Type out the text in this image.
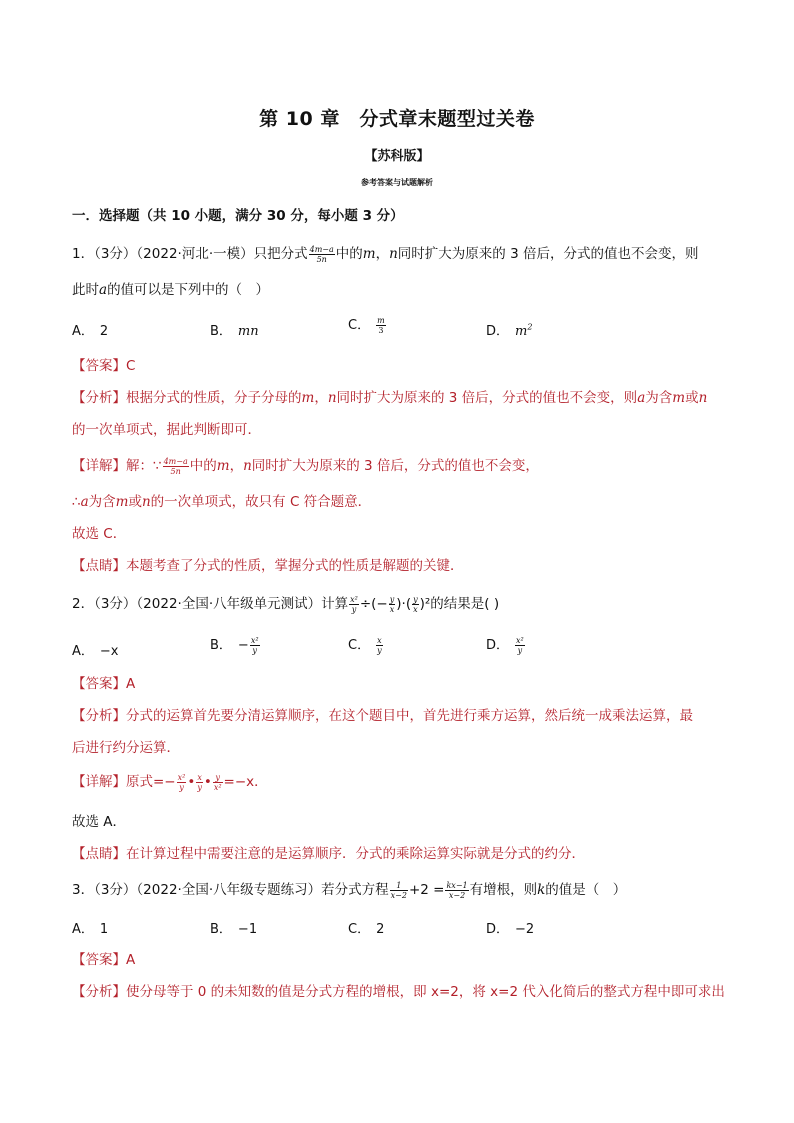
第 10 章　分式章末题型过关卷
【苏科版】
参考答案与试题解析
一．选择题（共 10 小题，满分 30 分，每小题 3 分）
1．（3分）（2022·河北·一模）只把分式 $\frac{4m-a}{5n}$ 中的m，n同时扩大为原来的 3 倍后，分式的值也不会变，则
此时a的值可以是下列中的（　）
A． 2	B． mn	C． $\frac{m}{3}$	D． $m^2$
【答案】C
【分析】根据分式的性质，分子分母的m，n同时扩大为原来的 3 倍后，分式的值也不会变，则a为含m或n
的一次单项式，据此判断即可．
【详解】解：∵ $\frac{4m-a}{5n}$ 中的m，n同时扩大为原来的 3 倍后，分式的值也不会变，
∴a为含m或n的一次单项式，故只有 C 符合题意．
故选 C．
【点睛】本题考查了分式的性质，掌握分式的性质是解题的关键．
2．（3分）（2022·全国·八年级单元测试）计算 $\frac{\text{x²}}{y}$ ÷(− $\frac{y}{x}$ )·( $\frac{y}{x} )^2$的结果是( )
A． −x	B． − $\frac{\text{x²}}{y}$	C． $\frac{x}{y}$	D． $\frac{\text{x²}}{y}$
【答案】A
【分析】分式的运算首先要分清运算顺序，在这个题目中，首先进行乘方运算，然后统一成乘法运算，最
后进行约分运算．
【详解】原式=− $\frac{\text{x²}}{y}$ • $\frac{x}{y}$ • $\frac{y}{\text{x²}} =-x$．
故选 A．
【点睛】在计算过程中需要注意的是运算顺序．分式的乘除运算实际就是分式的约分．
3．（3分）（2022·全国·八年级专题练习）若分式方程 $\frac{1}{x-2} +2 = \frac{kx-1}{x-2}$ 有增根，则k的值是（　）
A． 1	B． −1	C． 2	D． −2
【答案】A
【分析】使分母等于 0 的未知数的值是分式方程的增根，即 x=2，将 x=2 代入化简后的整式方程中即可求出
